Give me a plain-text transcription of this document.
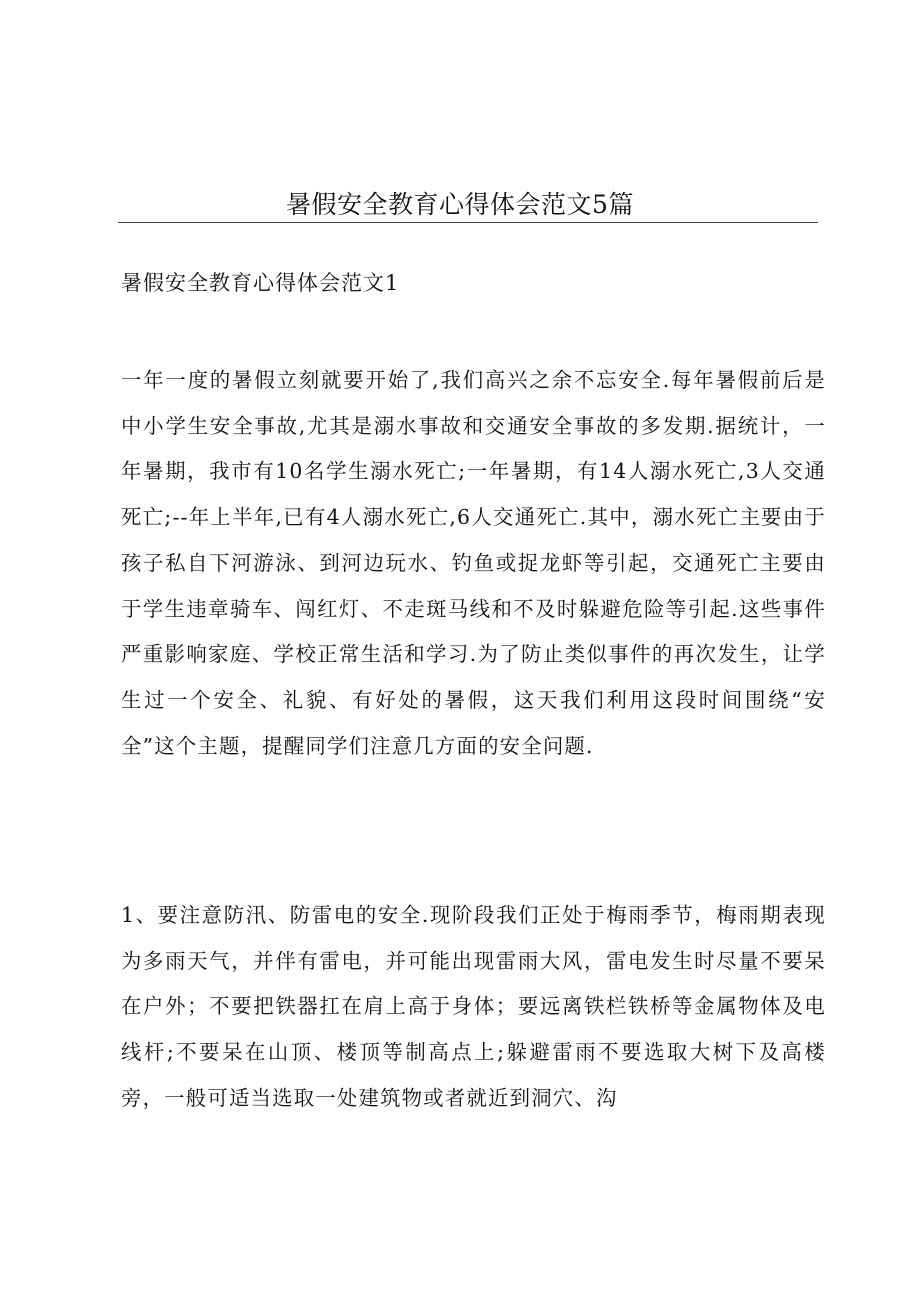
暑假安全教育心得体会范文5篇
暑假安全教育心得体会范文1

一年一度的暑假立刻就要开始了,我们高兴之余不忘安全.每年暑假前后是中小学生安全事故,尤其是溺水事故和交通安全事故的多发期.据统计，一年暑期，我市有10名学生溺水死亡;一年暑期，有14人溺水死亡,3人交通死亡;--年上半年,已有4人溺水死亡,6人交通死亡.其中，溺水死亡主要由于孩子私自下河游泳、到河边玩水、钓鱼或捉龙虾等引起，交通死亡主要由于学生违章骑车、闯红灯、不走斑马线和不及时躲避危险等引起.这些事件严重影响家庭、学校正常生活和学习.为了防止类似事件的再次发生，让学生过一个安全、礼貌、有好处的暑假，这天我们利用这段时间围绕“安全”这个主题，提醒同学们注意几方面的安全问题.

1、要注意防汛、防雷电的安全.现阶段我们正处于梅雨季节，梅雨期表现为多雨天气，并伴有雷电，并可能出现雷雨大风，雷电发生时尽量不要呆在户外；不要把铁器扛在肩上高于身体；要远离铁栏铁桥等金属物体及电线杆;不要呆在山顶、楼顶等制高点上;躲避雷雨不要选取大树下及高楼旁，一般可适当选取一处建筑物或者就近到洞穴、沟
